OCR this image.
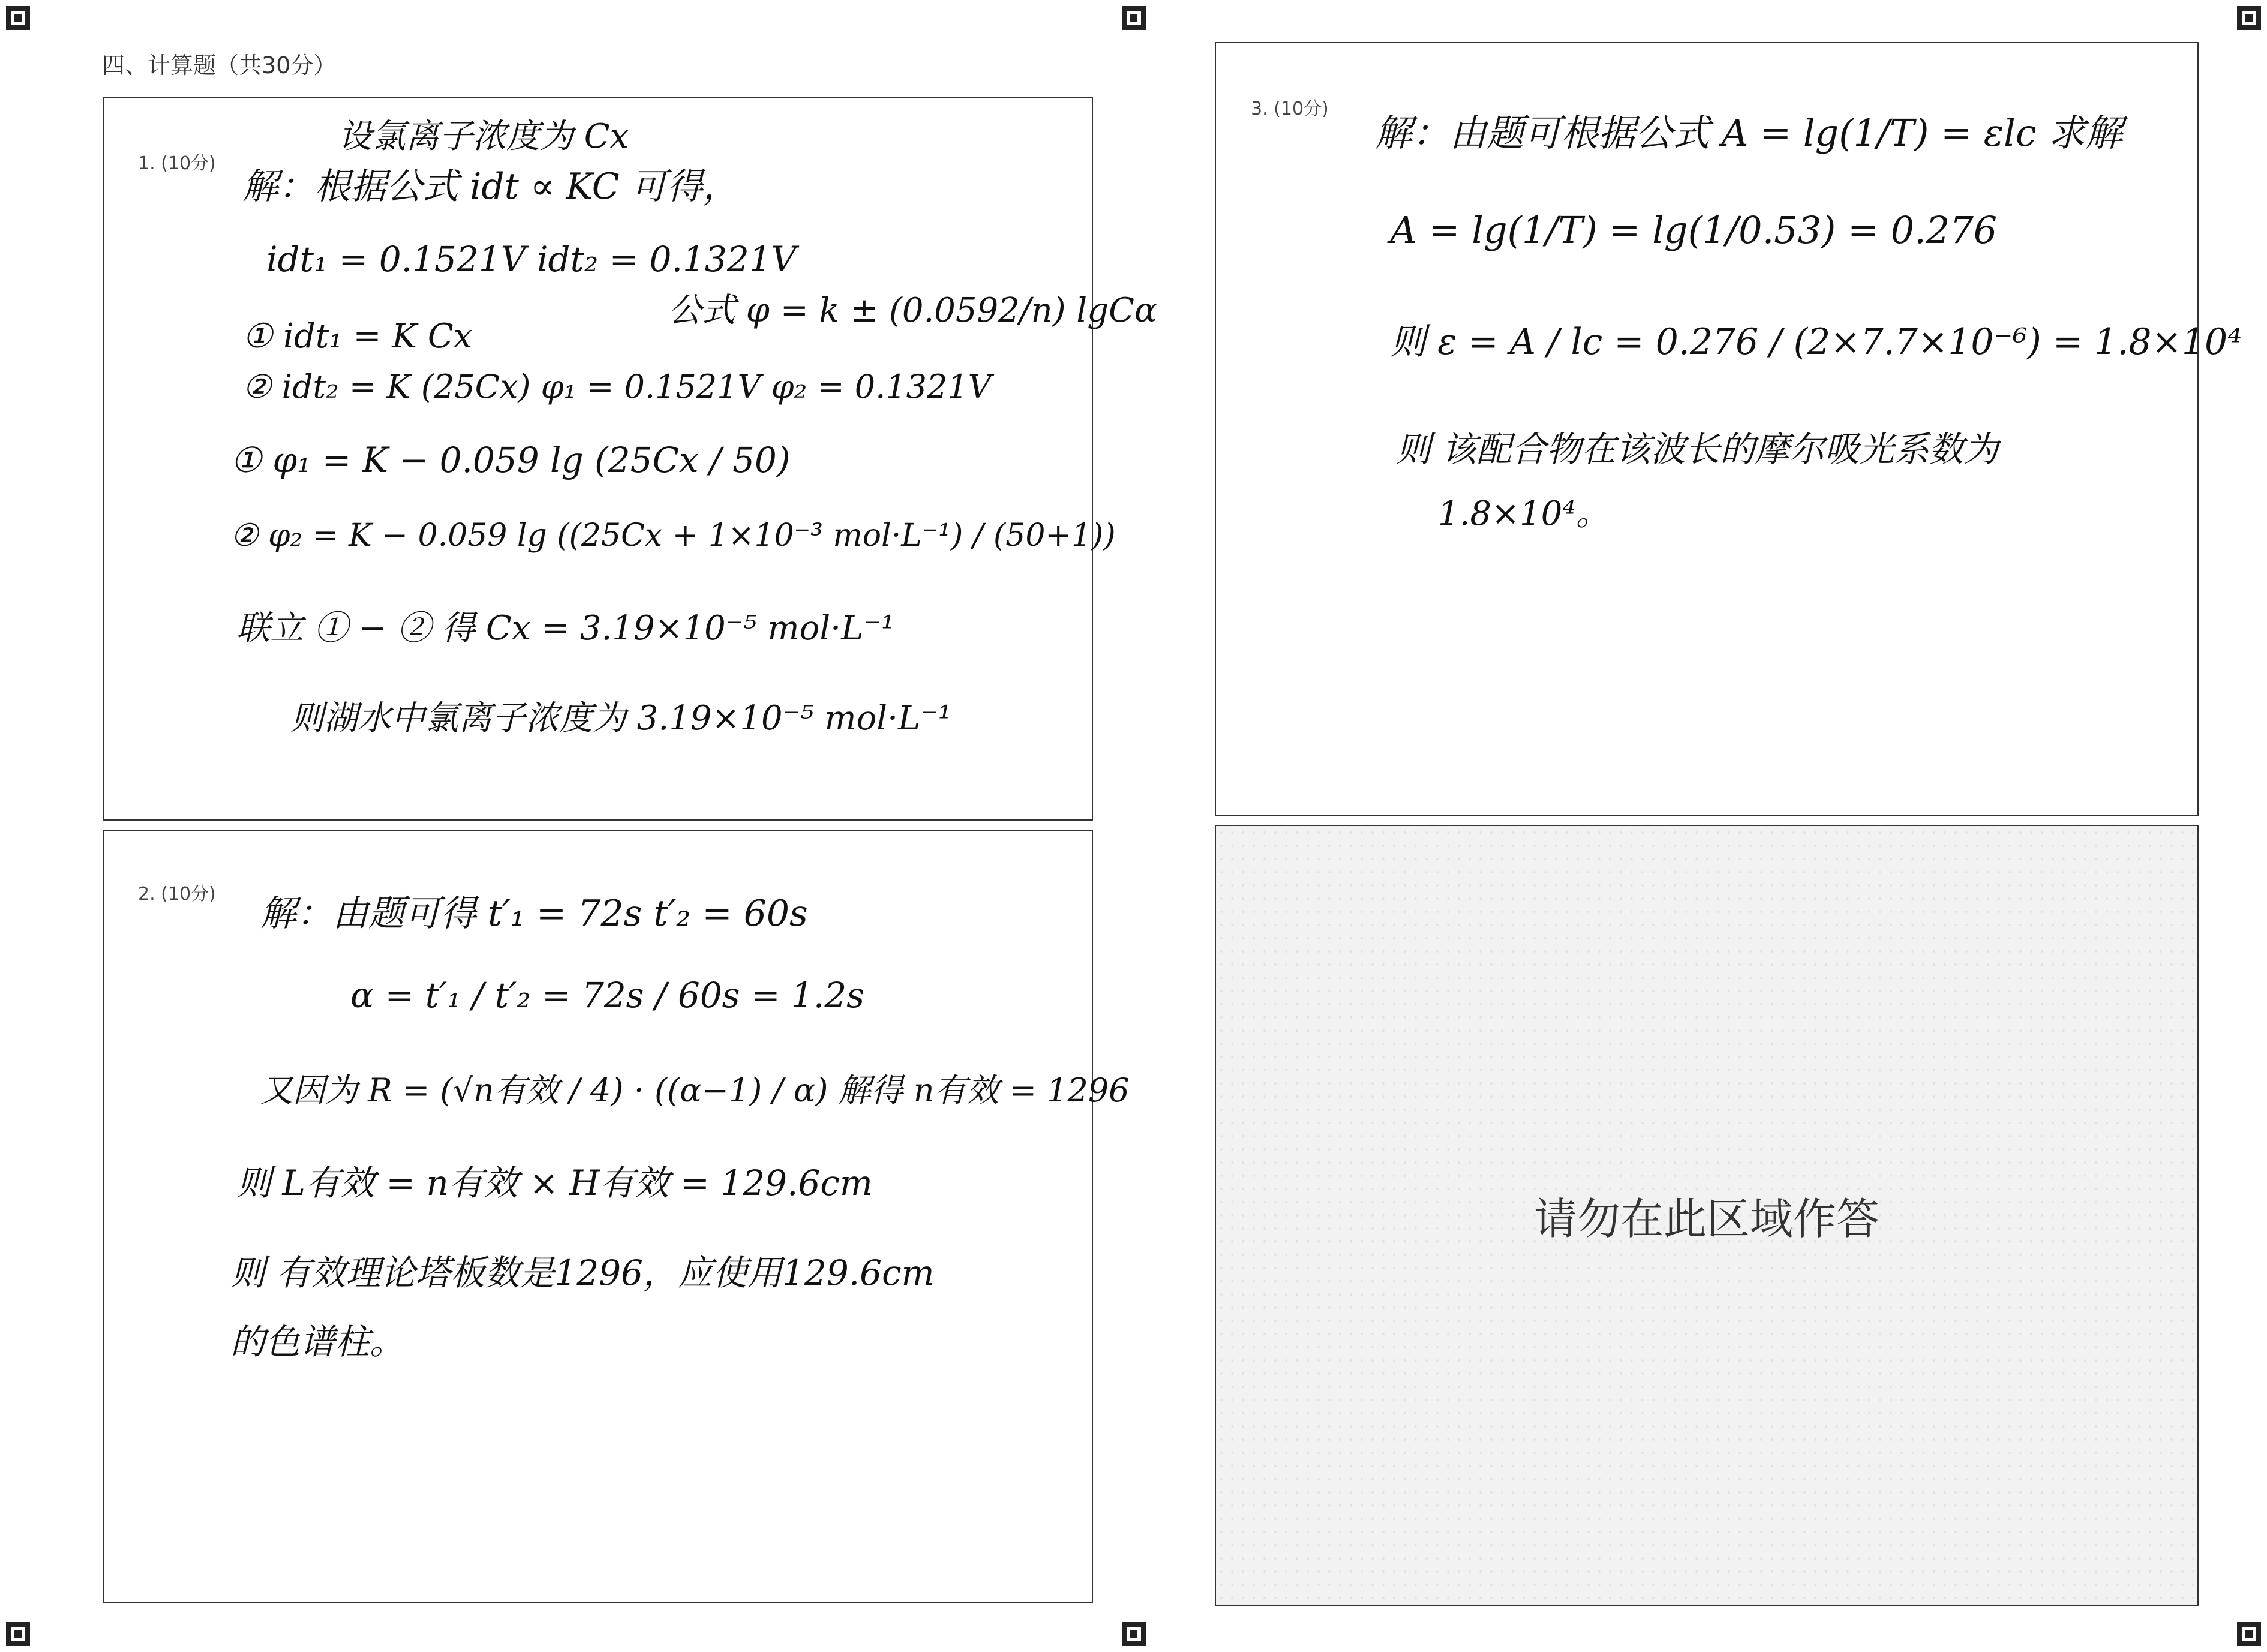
四、计算题（共30分）
1. (10分)
设氯离子浓度为 Cx
解：根据公式 idt ∝ KC 可得，
idt₁ = 0.1521V idt₂ = 0.1321V
公式 φ = k ± (0.0592/n) lgCα
① idt₁ = K Cx
② idt₂ = K (25Cx) φ₁ = 0.1521V φ₂ = 0.1321V
① φ₁ = K − 0.059 lg (25Cx / 50)
② φ₂ = K − 0.059 lg ((25Cx + 1×10⁻³ mol·L⁻¹) / (50+1))
联立 ① − ② 得 Cx = 3.19×10⁻⁵ mol·L⁻¹
则湖水中氯离子浓度为 3.19×10⁻⁵ mol·L⁻¹
2. (10分) 解：由题可得 t′₁ = 72s t′₂ = 60s
α = t′₁ / t′₂ = 72s / 60s = 1.2s
又因为 R = (√n有效 / 4) · ((α−1) / α) 解得 n有效 = 1296
则 L有效 = n有效 × H有效 = 129.6cm
则 有效理论塔板数是1296，应使用129.6cm
的色谱柱。
3. (10分)
解：由题可根据公式 A = lg(1/T) = εlc 求解
A = lg(1/T) = lg(1/0.53) = 0.276
则 ε = A / lc = 0.276 / (2×7.7×10⁻⁶) = 1.8×10⁴
则 该配合物在该波长的摩尔吸光系数为
1.8×10⁴。
请勿在此区域作答
